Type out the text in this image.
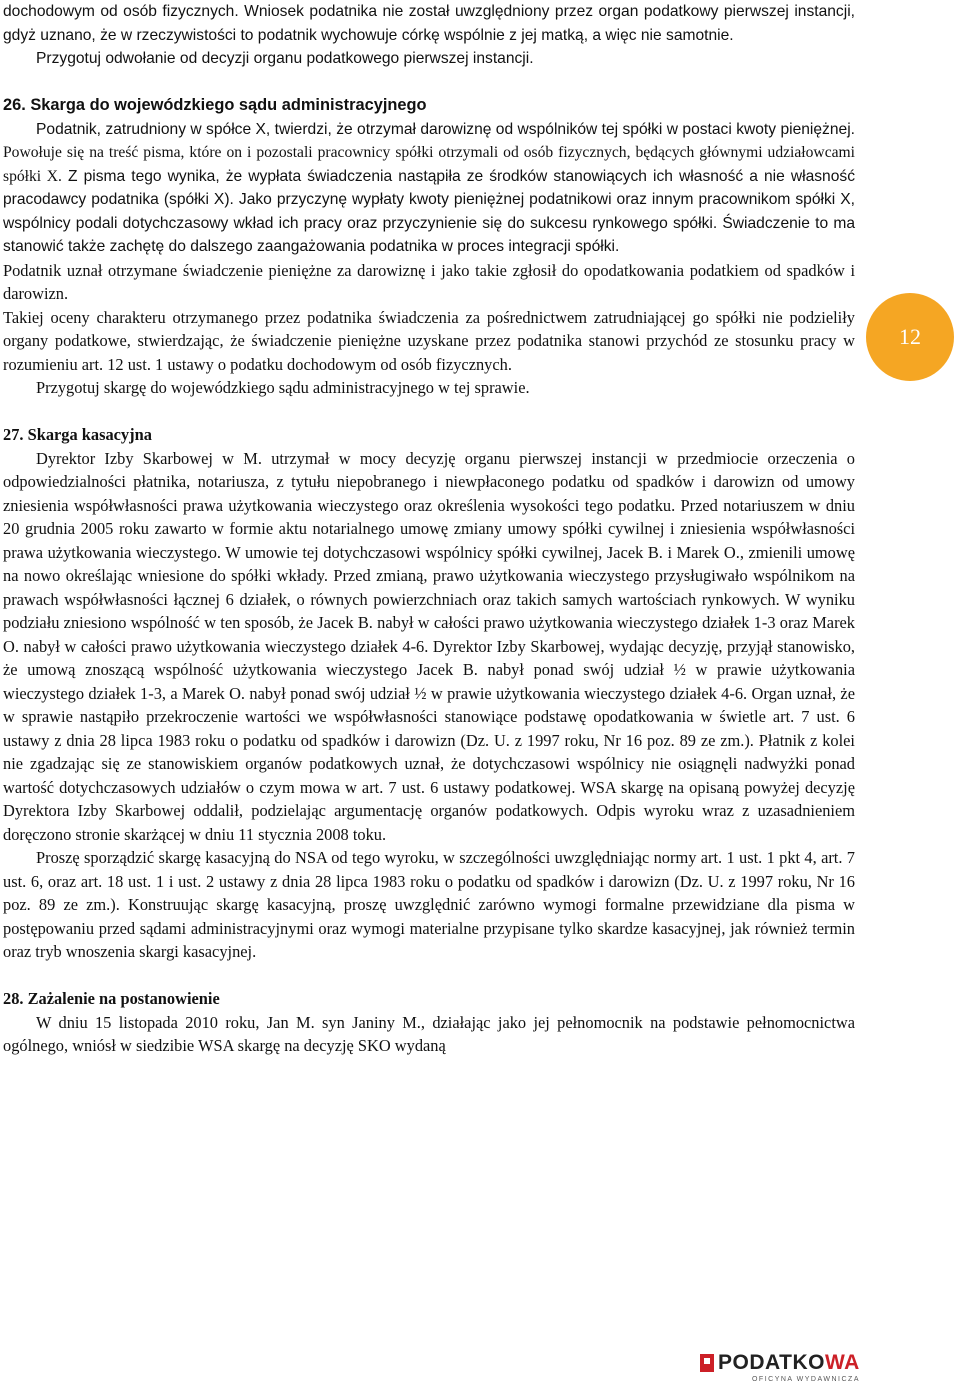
dochodowym od osób fizycznych. Wniosek podatnika nie został uwzględniony przez organ podatkowy pierwszej instancji, gdyż uznano, że w rzeczywistości to podatnik wychowuje córkę wspólnie z jej matką, a więc nie samotnie.

Przygotuj odwołanie od decyzji organu podatkowego pierwszej instancji.

26. Skarga do wojewódzkiego sądu administracyjnego

Podatnik, zatrudniony w spółce X, twierdzi, że otrzymał darowiznę od wspólników tej spółki w postaci kwoty pieniężnej. Powołuje się na treść pisma, które on i pozostali pracownicy spółki otrzymali od osób fizycznych, będących głównymi udziałowcami spółki X. Z pisma tego wynika, że wypłata świadczenia nastąpiła ze środków stanowiących ich własność a nie własność pracodawcy podatnika (spółki X). Jako przyczynę wypłaty kwoty pieniężnej podatnikowi oraz innym pracownikom spółki X, wspólnicy podali dotychczasowy wkład ich pracy oraz przyczynienie się do sukcesu rynkowego spółki. Świadczenie to ma stanowić także zachętę do dalszego zaangażowania podatnika w proces integracji spółki.

Podatnik uznał otrzymane świadczenie pieniężne za darowiznę i jako takie zgłosił do opodatkowania podatkiem od spadków i darowizn.

Takiej oceny charakteru otrzymanego przez podatnika świadczenia za pośrednictwem zatrudniającej go spółki nie podzieliły organy podatkowe, stwierdzając, że świadczenie pieniężne uzyskane przez podatnika stanowi przychód ze stosunku pracy w rozumieniu art. 12 ust. 1 ustawy o podatku dochodowym od osób fizycznych.

Przygotuj skargę do wojewódzkiego sądu administracyjnego w tej sprawie.

27. Skarga kasacyjna

Dyrektor Izby Skarbowej w M. utrzymał w mocy decyzję organu pierwszej instancji w przedmiocie orzeczenia o odpowiedzialności płatnika, notariusza, z tytułu niepobranego i niewpłaconego podatku od spadków i darowizn od umowy zniesienia współwłasności prawa użytkowania wieczystego oraz określenia wysokości tego podatku. Przed notariuszem w dniu 20 grudnia 2005 roku zawarto w formie aktu notarialnego umowę zmiany umowy spółki cywilnej i zniesienia współwłasności prawa użytkowania wieczystego. W umowie tej dotychczasowi wspólnicy spółki cywilnej, Jacek B. i Marek O., zmienili umowę na nowo określając wniesione do spółki wkłady. Przed zmianą, prawo użytkowania wieczystego przysługiwało wspólnikom na prawach współwłasności łącznej 6 działek, o równych powierzchniach oraz takich samych wartościach rynkowych. W wyniku podziału zniesiono wspólność w ten sposób, że Jacek B. nabył w całości prawo użytkowania wieczystego działek 1-3 oraz Marek O. nabył w całości prawo użytkowania wieczystego działek 4-6. Dyrektor Izby Skarbowej, wydając decyzję, przyjął stanowisko, że umową znoszącą wspólność użytkowania wieczystego Jacek B. nabył ponad swój udział ½ w prawie użytkowania wieczystego działek 1-3, a Marek O. nabył ponad swój udział ½ w prawie użytkowania wieczystego działek 4-6. Organ uznał, że w sprawie nastąpiło przekroczenie wartości we współwłasności stanowiące podstawę opodatkowania w świetle art. 7 ust. 6 ustawy z dnia 28 lipca 1983 roku o podatku od spadków i darowizn (Dz. U. z 1997 roku, Nr 16 poz. 89 ze zm.). Płatnik z kolei nie zgadzając się ze stanowiskiem organów podatkowych uznał, że dotychczasowi wspólnicy nie osiągnęli nadwyżki ponad wartość dotychczasowych udziałów o czym mowa w art. 7 ust. 6 ustawy podatkowej. WSA skargę na opisaną powyżej decyzję Dyrektora Izby Skarbowej oddalił, podzielając argumentację organów podatkowych. Odpis wyroku wraz z uzasadnieniem doręczono stronie skarżącej w dniu 11 stycznia 2008 toku.

Proszę sporządzić skargę kasacyjną do NSA od tego wyroku, w szczególności uwzględniając normy art. 1 ust. 1 pkt 4, art. 7 ust. 6, oraz art. 18 ust. 1 i ust. 2 ustawy z dnia 28 lipca 1983 roku o podatku od spadków i darowizn (Dz. U. z 1997 roku, Nr 16 poz. 89 ze zm.). Konstruując skargę kasacyjną, proszę uwzględnić zarówno wymogi formalne przewidziane dla pisma w postępowaniu przed sądami administracyjnymi oraz wymogi materialne przypisane tylko skardze kasacyjnej, jak również termin oraz tryb wnoszenia skargi kasacyjnej.

28. Zażalenie na postanowienie

W dniu 15 listopada 2010 roku, Jan M. syn Janiny M., działając jako jej pełnomocnik na podstawie pełnomocnictwa ogólnego, wniósł w siedzibie WSA skargę na decyzję SKO wydaną

12
PODATKOWA
OFICYNA WYDAWNICZA
